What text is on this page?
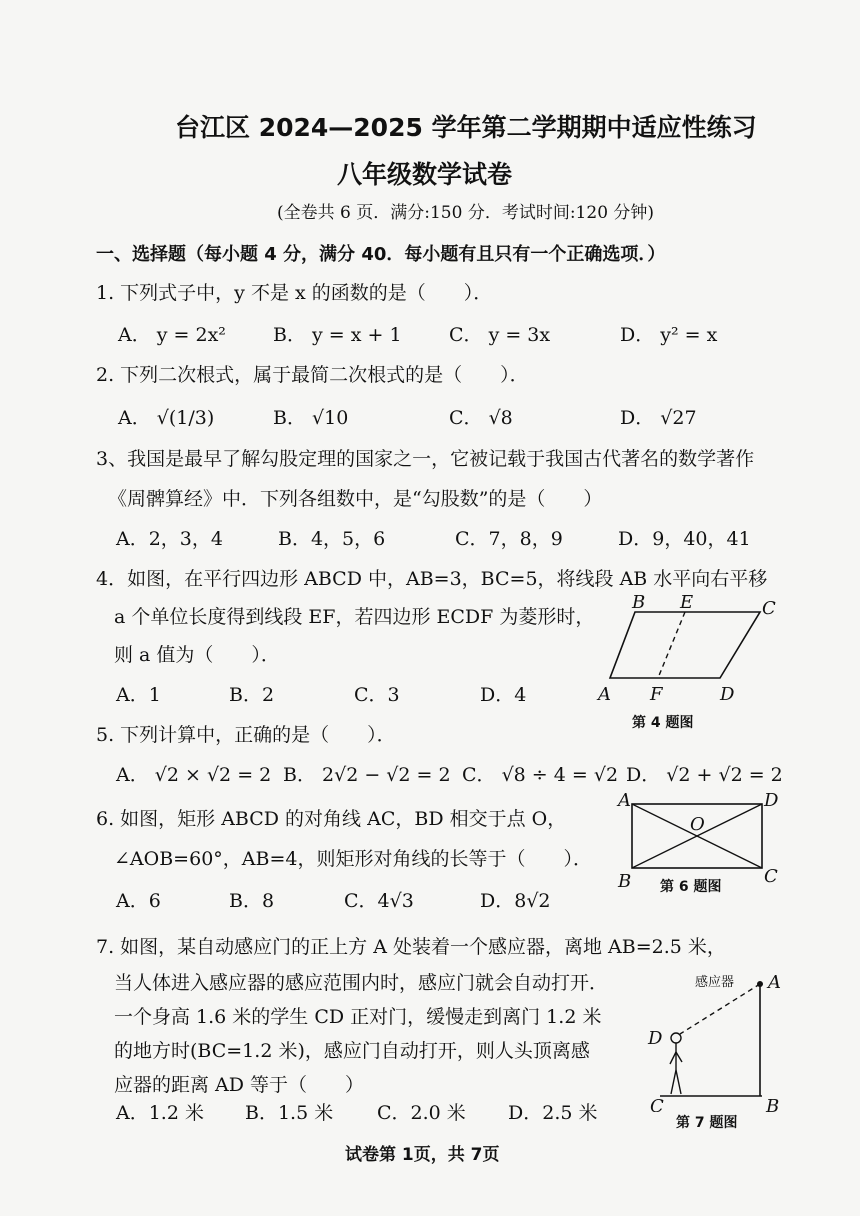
台江区 2024—2025 学年第二学期期中适应性练习
八年级数学试卷
(全卷共 6 页．满分:150 分．考试时间:120 分钟)
一、选择题（每小题 4 分，满分 40．每小题有且只有一个正确选项．）
1. 下列式子中，y 不是 x 的函数的是（　　）．
A． y = 2x² B． y = x + 1 C． y = 3x	D． y² = x
2. 下列二次根式，属于最简二次根式的是（　　）．
A． √(1/3)	B． √10	C． √8	D． √27
3、我国是最早了解勾股定理的国家之一，它被记载于我国古代著名的数学著作
《周髀算经》中．下列各组数中，是“勾股数”的是（　　）
A．2，3，4	B．4，5，6	C．7，8，9	D．9，40，41
4．如图，在平行四边形 ABCD 中，AB=3，BC=5，将线段 AB 水平向右平移
a 个单位长度得到线段 EF，若四边形 ECDF 为菱形时，
则 a 值为（　　）．
A．1	B．2	C．3	D．4
B E	C
A F	D
第 4 题图
5. 下列计算中，正确的是（　　）．
A． √2 × √2 = 2 B． 2√2 − √2 = 2 C． √8 ÷ 4 = √2 D． √2 + √2 = 2
6. 如图，矩形 ABCD 的对角线 AC，BD 相交于点 O，
∠AOB=60°，AB=4，则矩形对角线的长等于（　　）．
A．6	B．8	C．4√3	D．8√2
A	D
O
B	C
第 6 题图
7. 如图，某自动感应门的正上方 A 处装着一个感应器，离地 AB=2.5 米，
当人体进入感应器的感应范围内时，感应门就会自动打开．
一个身高 1.6 米的学生 CD 正对门，缓慢走到离门 1.2 米
的地方时(BC=1.2 米)，感应门自动打开，则人头顶离感
应器的距离 AD 等于（　　）
A．1.2 米 B．1.5 米 C．2.0 米 D．2.5 米
感应器 A
D
C	B
第 7 题图
试卷第 1页，共 7页
